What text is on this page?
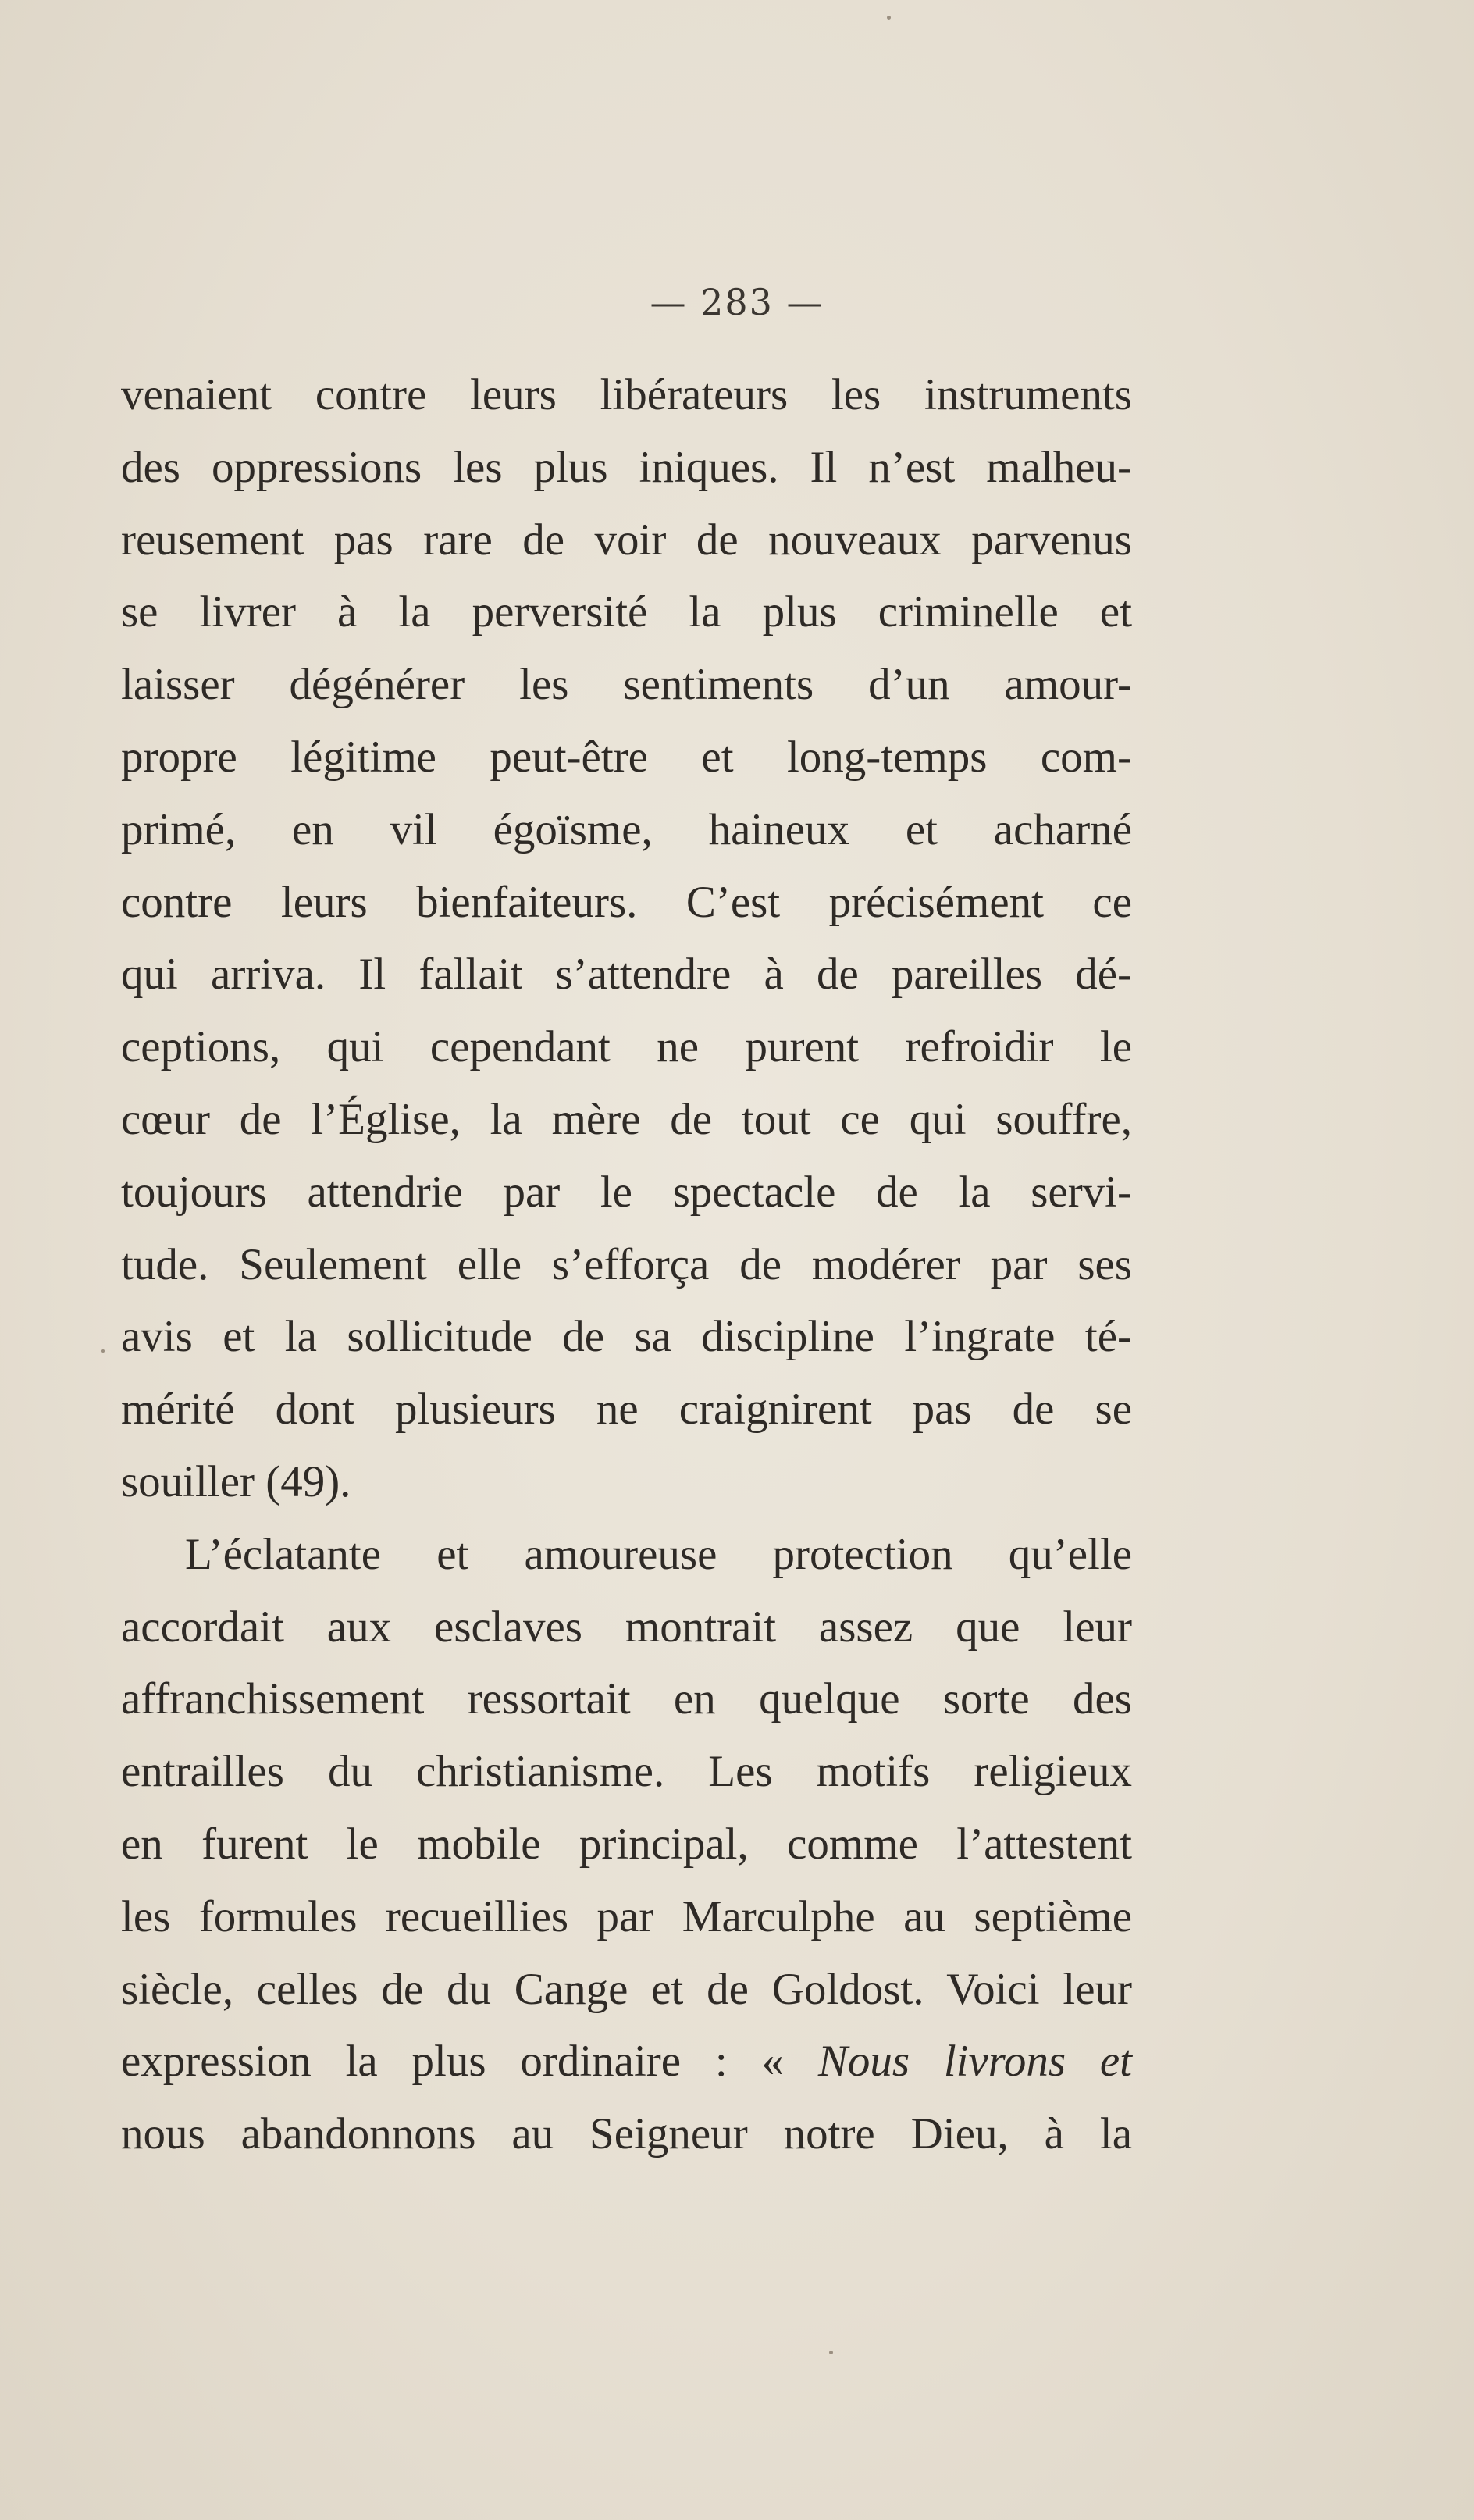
— 283 —
venaient contre leurs libérateurs les instruments
des oppressions les plus iniques. Il n’est malheu-
reusement pas rare de voir de nouveaux parvenus
se livrer à la perversité la plus criminelle et
laisser dégénérer les sentiments d’un amour-
propre légitime peut-être et long-temps com-
primé, en vil égoïsme, haineux et acharné
contre leurs bienfaiteurs. C’est précisément ce
qui arriva. Il fallait s’attendre à de pareilles dé-
ceptions, qui cependant ne purent refroidir le
cœur de l’Église, la mère de tout ce qui souffre,
toujours attendrie par le spectacle de la servi-
tude. Seulement elle s’efforça de modérer par ses
avis et la sollicitude de sa discipline l’ingrate té-
mérité dont plusieurs ne craignirent pas de se
souiller (49).
L’éclatante et amoureuse protection qu’elle
accordait aux esclaves montrait assez que leur
affranchissement ressortait en quelque sorte des
entrailles du christianisme. Les motifs religieux
en furent le mobile principal, comme l’attestent
les formules recueillies par Marculphe au septième
siècle, celles de du Cange et de Goldost. Voici leur
expression la plus ordinaire : « Nous livrons et
nous abandonnons au Seigneur notre Dieu, à la
